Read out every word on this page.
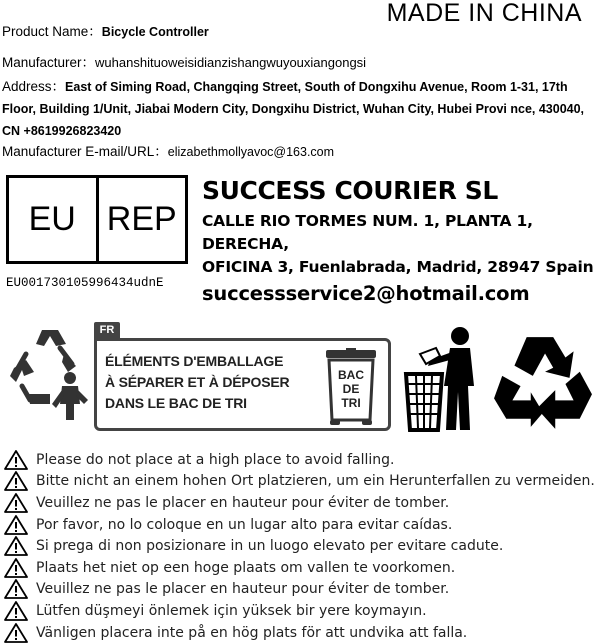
MADE IN CHINA
Product Name：Bicycle Controller
Manufacturer：wuhanshituoweisidianzishangwuyouxiangongsi
Address：East of Siming Road, Changqing Street, South of Dongxihu Avenue, Room 1-31, 17th Floor, Building 1/Unit, Jiabai Modern City, Dongxihu District, Wuhan City, Hubei Provi nce, 430040, CN +8619926823420
Manufacturer E-mail/URL：elizabethmollyavoc@163.com
EU REP
EU001730105996434udnE
SUCCESS COURIER SL
CALLE RIO TORMES NUM. 1, PLANTA 1, DERECHA,
OFICINA 3, Fuenlabrada, Madrid, 28947 Spain
successservice2@hotmail.com
FR
ÉLÉMENTS D'EMBALLAGE
À SÉPARER ET À DÉPOSER
DANS LE BAC DE TRI
BAC
DE
TRI
Please do not place at a high place to avoid falling.
Bitte nicht an einem hohen Ort platzieren, um ein Herunterfallen zu vermeiden.
Veuillez ne pas le placer en hauteur pour éviter de tomber.
Por favor, no lo coloque en un lugar alto para evitar caídas.
Si prega di non posizionare in un luogo elevato per evitare cadute.
Plaats het niet op een hoge plaats om vallen te voorkomen.
Veuillez ne pas le placer en hauteur pour éviter de tomber.
Lütfen düşmeyi önlemek için yüksek bir yere koymayın.
Vänligen placera inte på en hög plats för att undvika att falla.
